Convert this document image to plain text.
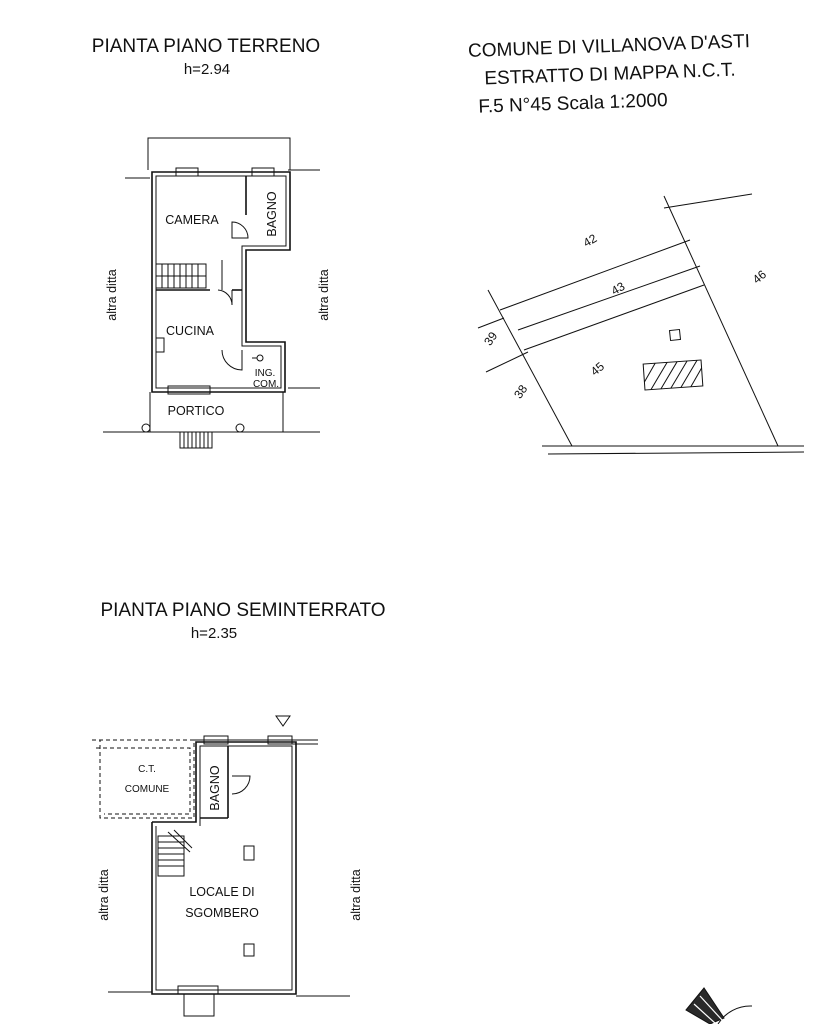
PIANTA PIANO TERRENO
h=2.94
CAMERA	BAGNO
CUCINA
ING.
COM.
PORTICO
altra ditta	altra ditta
COMUNE DI VILLANOVA D'ASTI
ESTRATTO DI MAPPA N.C.T.
F.5 N°45 Scala 1:2000
42
43
46
39
45
38
PIANTA PIANO SEMINTERRATO
h=2.35
C.T.
COMUNE	BAGNO
LOCALE DI
SGOMBERO
altra ditta	altra ditta
